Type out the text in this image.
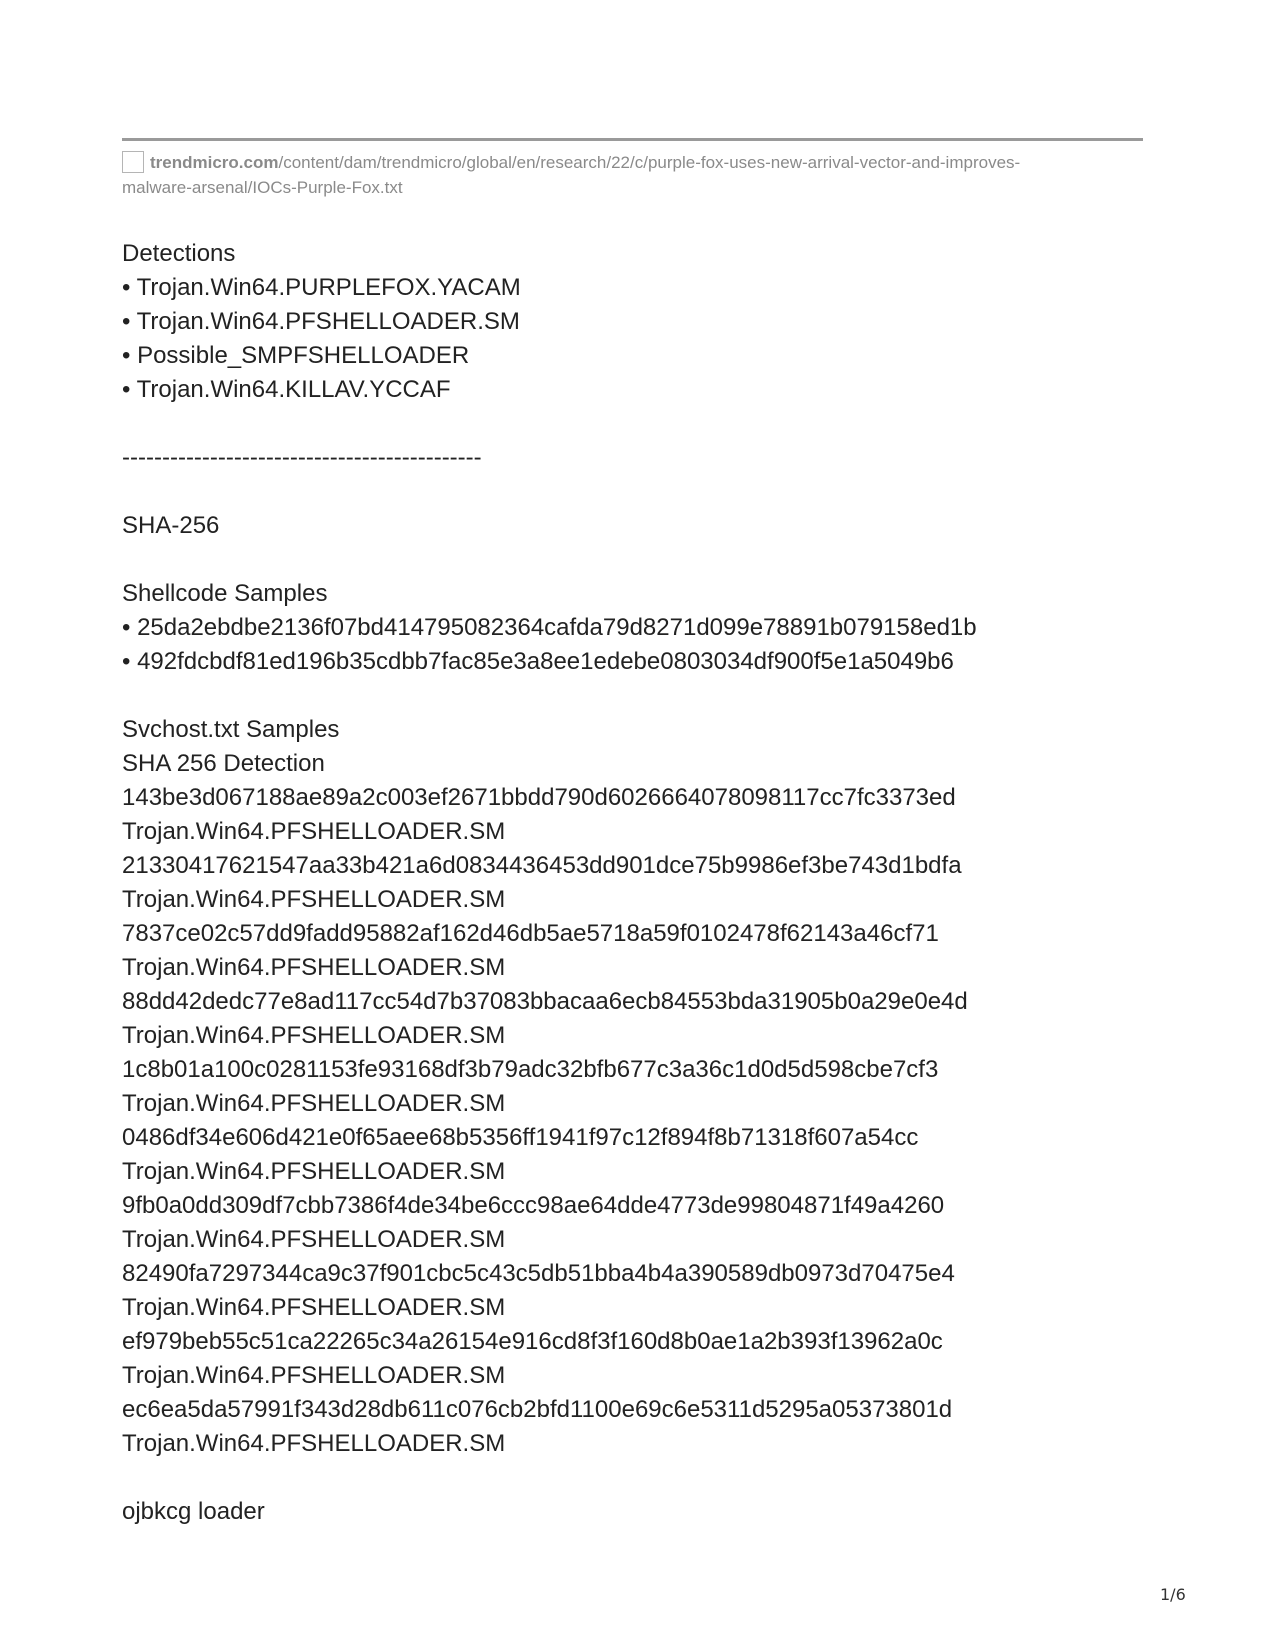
trendmicro.com/content/dam/trendmicro/global/en/research/22/c/purple-fox-uses-new-arrival-vector-and-improves-
malware-arsenal/IOCs-Purple-Fox.txt

Detections

• Trojan.Win64.PURPLEFOX.YACAM

• Trojan.Win64.PFSHELLOADER.SM

• Possible_SMPFSHELLOADER

• Trojan.Win64.KILLAV.YCCAF

---------------------------------------------

SHA-256

Shellcode Samples

• 25da2ebdbe2136f07bd414795082364cafda79d8271d099e78891b079158ed1b

• 492fdcbdf81ed196b35cdbb7fac85e3a8ee1edebe0803034df900f5e1a5049b6

Svchost.txt Samples

SHA 256 Detection

143be3d067188ae89a2c003ef2671bbdd790d6026664078098117cc7fc3373ed

Trojan.Win64.PFSHELLOADER.SM

21330417621547aa33b421a6d0834436453dd901dce75b9986ef3be743d1bdfa

Trojan.Win64.PFSHELLOADER.SM

7837ce02c57dd9fadd95882af162d46db5ae5718a59f0102478f62143a46cf71

Trojan.Win64.PFSHELLOADER.SM

88dd42dedc77e8ad117cc54d7b37083bbacaa6ecb84553bda31905b0a29e0e4d

Trojan.Win64.PFSHELLOADER.SM

1c8b01a100c0281153fe93168df3b79adc32bfb677c3a36c1d0d5d598cbe7cf3

Trojan.Win64.PFSHELLOADER.SM

0486df34e606d421e0f65aee68b5356ff1941f97c12f894f8b71318f607a54cc

Trojan.Win64.PFSHELLOADER.SM

9fb0a0dd309df7cbb7386f4de34be6ccc98ae64dde4773de99804871f49a4260

Trojan.Win64.PFSHELLOADER.SM

82490fa7297344ca9c37f901cbc5c43c5db51bba4b4a390589db0973d70475e4

Trojan.Win64.PFSHELLOADER.SM

ef979beb55c51ca22265c34a26154e916cd8f3f160d8b0ae1a2b393f13962a0c

Trojan.Win64.PFSHELLOADER.SM

ec6ea5da57991f343d28db611c076cb2bfd1100e69c6e5311d5295a05373801d

Trojan.Win64.PFSHELLOADER.SM

ojbkcg loader

1/6
